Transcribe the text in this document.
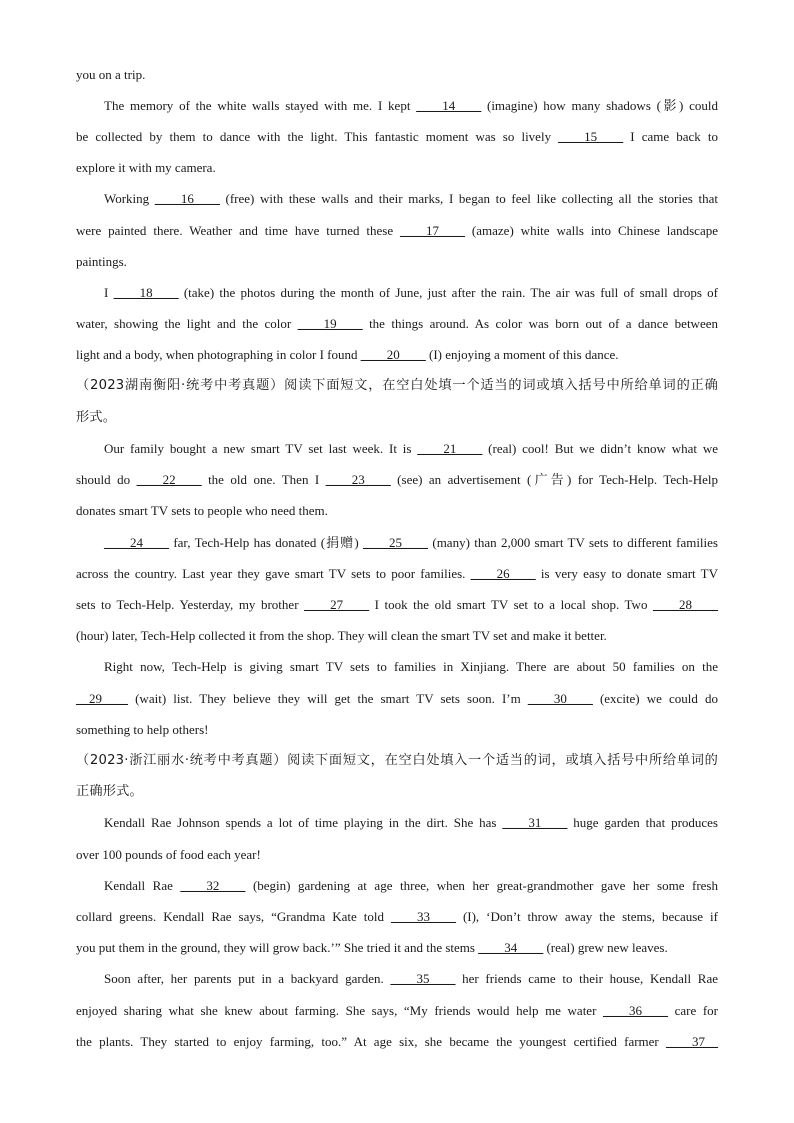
you on a trip.
The memory of the white walls stayed with me. I kept ____14____ (imagine) how many shadows (影) could
be collected by them to dance with the light. This fantastic moment was so lively ____15____ I came back to
explore it with my camera.
Working ____16____ (free) with these walls and their marks, I began to feel like collecting all the stories that
were painted there. Weather and time have turned these ____17____ (amaze) white walls into Chinese landscape
paintings.
I ____18____ (take) the photos during the month of June, just after the rain. The air was full of small drops of
water, showing the light and the color ____19____ the things around. As color was born out of a dance between
light and a body, when photographing in color I found ____20____ (I) enjoying a moment of this dance.
（2023湖南衡阳·统考中考真题）阅读下面短文，在空白处填一个适当的词或填入括号中所给单词的正确
形式。
Our family bought a new smart TV set last week. It is ____21____ (real) cool! But we didn’t know what we
should do ____22____ the old one. Then I ____23____ (see) an advertisement (广告) for Tech-Help. Tech-Help
donates smart TV sets to people who need them.
____24____ far, Tech-Help has donated (捐赠) ____25____ (many) than 2,000 smart TV sets to different families
across the country. Last year they gave smart TV sets to poor families. ____26____ is very easy to donate smart TV
sets to Tech-Help. Yesterday, my brother ____27____ I took the old smart TV set to a local shop. Two ____28____
(hour) later, Tech-Help collected it from the shop. They will clean the smart TV set and make it better.
Right now, Tech-Help is giving smart TV sets to families in Xinjiang. There are about 50 families on the
__29____ (wait) list. They believe they will get the smart TV sets soon. I’m ____30____ (excite) we could do
something to help others!
（2023·浙江丽水·统考中考真题）阅读下面短文，在空白处填入一个适当的词，或填入括号中所给单词的
正确形式。
Kendall Rae Johnson spends a lot of time playing in the dirt. She has ____31____ huge garden that produces
over 100 pounds of food each year!
Kendall Rae ____32____ (begin) gardening at age three, when her great-grandmother gave her some fresh
collard greens. Kendall Rae says, “Grandma Kate told ____33____ (I), ‘Don’t throw away the stems, because if
you put them in the ground, they will grow back.’” She tried it and the stems ____34____ (real) grew new leaves.
Soon after, her parents put in a backyard garden. ____35____ her friends came to their house, Kendall Rae
enjoyed sharing what she knew about farming. She says, “My friends would help me water ____36____ care for
the plants. They started to enjoy farming, too.” At age six, she became the youngest certified farmer ____37__
